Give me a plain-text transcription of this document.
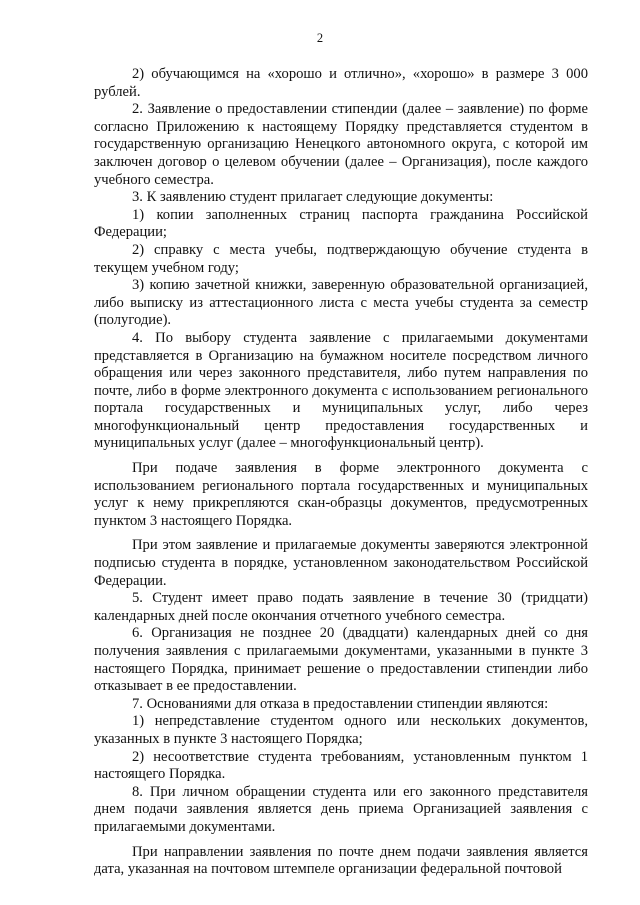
2

2) обучающимся на «хорошо и отлично», «хорошо» в размере 3 000 рублей.

2. Заявление о предоставлении стипендии (далее – заявление) по форме согласно Приложению к настоящему Порядку представляется студентом в государственную организацию Ненецкого автономного округа, с которой им заключен договор о целевом обучении (далее – Организация), после каждого учебного семестра.

3. К заявлению студент прилагает следующие документы:

1) копии заполненных страниц паспорта гражданина Российской Федерации;

2) справку с места учебы, подтверждающую обучение студента в текущем учебном году;

3) копию зачетной книжки, заверенную образовательной организацией, либо выписку из аттестационного листа с места учебы студента за семестр (полугодие).

4. По выбору студента заявление с прилагаемыми документами представляется в Организацию на бумажном носителе посредством личного обращения или через законного представителя, либо путем направления по почте, либо в форме электронного документа с использованием регионального портала государственных и муниципальных услуг, либо через многофункциональный центр предоставления государственных и муниципальных услуг (далее – многофункциональный центр).

При подаче заявления в форме электронного документа с использованием регионального портала государственных и муниципальных услуг к нему прикрепляются скан-образцы документов, предусмотренных пунктом 3 настоящего Порядка.

При этом заявление и прилагаемые документы заверяются электронной подписью студента в порядке, установленном законодательством Российской Федерации.

5. Студент имеет право подать заявление в течение 30 (тридцати) календарных дней после окончания отчетного учебного семестра.

6. Организация не позднее 20 (двадцати) календарных дней со дня получения заявления с прилагаемыми документами, указанными в пункте 3 настоящего Порядка, принимает решение о предоставлении стипендии либо отказывает в ее предоставлении.

7. Основаниями для отказа в предоставлении стипендии являются:

1) непредставление студентом одного или нескольких документов, указанных в пункте 3 настоящего Порядка;

2) несоответствие студента требованиям, установленным пунктом 1 настоящего Порядка.

8. При личном обращении студента или его законного представителя днем подачи заявления является день приема Организацией заявления с прилагаемыми документами.

При направлении заявления по почте днем подачи заявления является дата, указанная на почтовом штемпеле организации федеральной почтовой
